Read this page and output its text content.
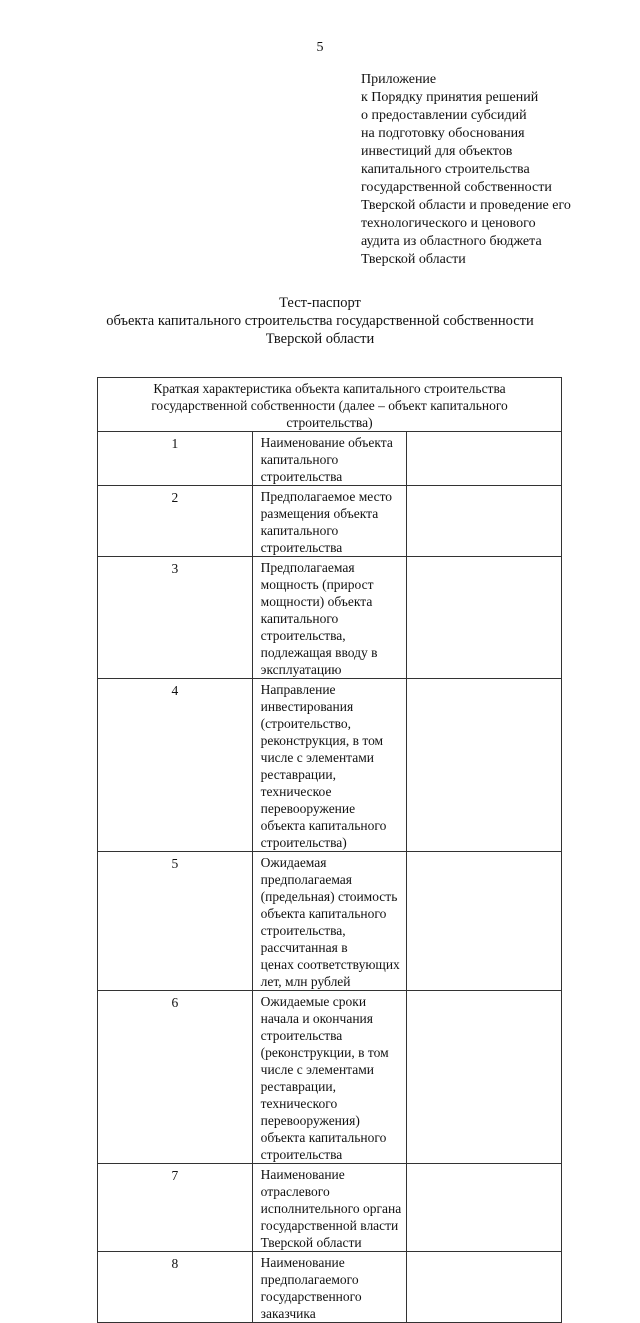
5
Приложение
к Порядку принятия решений
о предоставлении субсидий
на подготовку обоснования
инвестиций для объектов
капитального строительства
государственной собственности
Тверской области и проведение его
технологического и ценового
аудита из областного бюджета
Тверской области
Тест-паспорт
объекта капитального строительства государственной собственности
Тверской области
Краткая характеристика объекта капитального строительства
государственной собственности (далее – объект капитального
строительства)		

1	Наименование объекта капитального строительства	

2	Предполагаемое место размещения объекта
капитального строительства	

3	Предполагаемая мощность (прирост мощности) объекта
капитального строительства, подлежащая вводу в
эксплуатацию	

4	Направление инвестирования (строительство,
реконструкция, в том числе с элементами реставрации,
техническое перевооружение объекта капитального
строительства)	

5	Ожидаемая предполагаемая (предельная) стоимость
объекта капитального строительства, рассчитанная в
ценах соответствующих лет, млн рублей	

6	Ожидаемые сроки начала и окончания строительства
(реконструкции, в том числе с элементами реставрации,
технического перевооружения) объекта капитального
строительства	

7	Наименование отраслевого исполнительного органа
государственной власти Тверской области	

8	Наименование предполагаемого государственного
заказчика	
